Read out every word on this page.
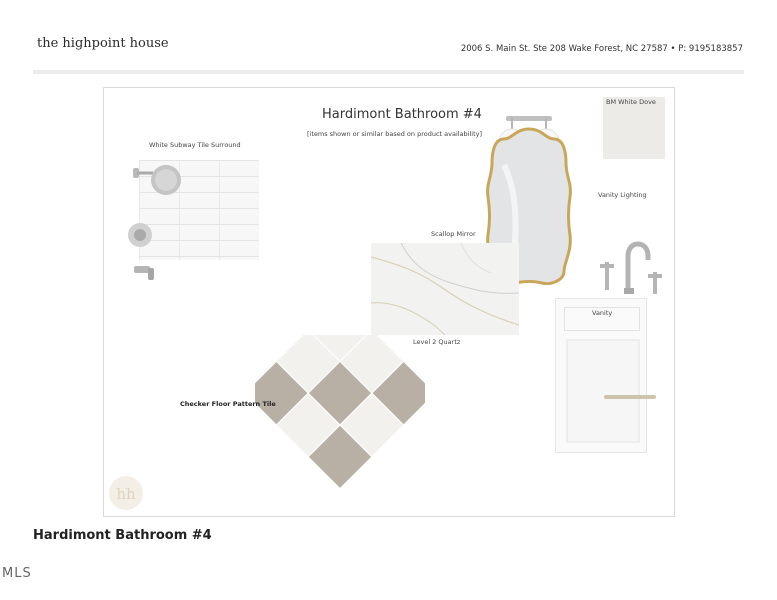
the highpoint house	2006 S. Main St. Ste 208 Wake Forest, NC 27587 • P: 9195183857
Hardimont Bathroom #4
[items shown or similar based on product availability]
BM White Dove
White Subway Tile Surround
Vanity Lighting
Scallop Mirror
Level 2 Quartz
Vanity
Checker Floor Pattern Tile
hh
Hardimont Bathroom #4
MLS
